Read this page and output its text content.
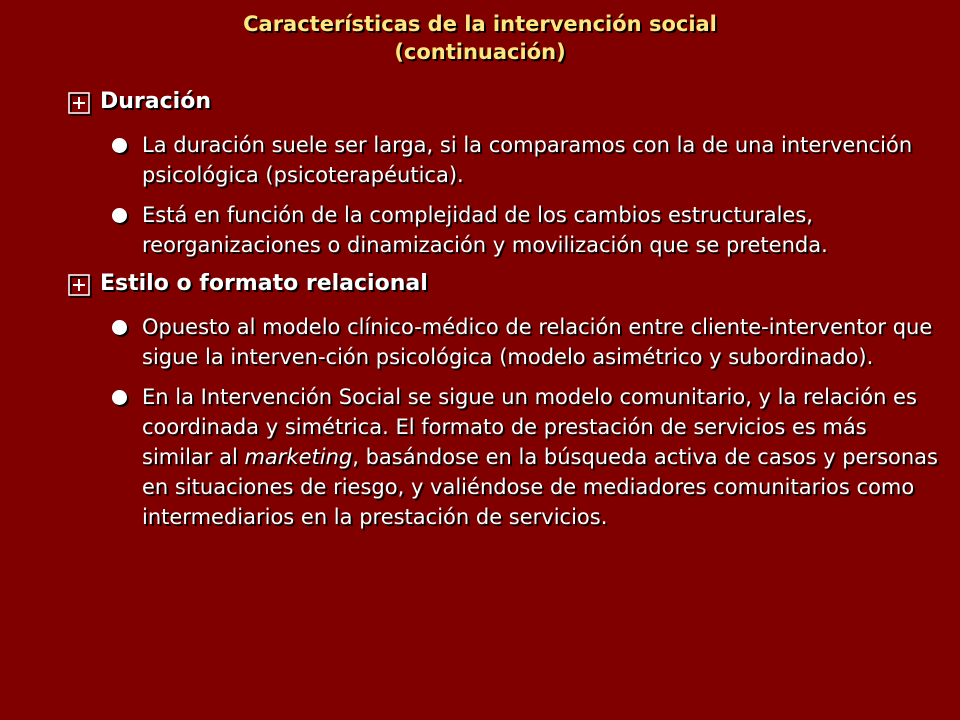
Características de la intervención social
(continuación)
Duración
La duración suele ser larga, si la comparamos con la de una intervención psicológica (psicoterapéutica).
Está en función de la complejidad de los cambios estructurales, reorganizaciones o dinamización y movilización que se pretenda.
Estilo o formato relacional
Opuesto al modelo clínico-médico de relación entre cliente-interventor que sigue la interven-ción psicológica (modelo asimétrico y subordinado).
En la Intervención Social se sigue un modelo comunitario, y la relación es coordinada y simétrica. El formato de prestación de servicios es más similar al marketing, basándose en la búsqueda activa de casos y personas en situaciones de riesgo, y valiéndose de mediadores comunitarios como intermediarios en la prestación de servicios.
